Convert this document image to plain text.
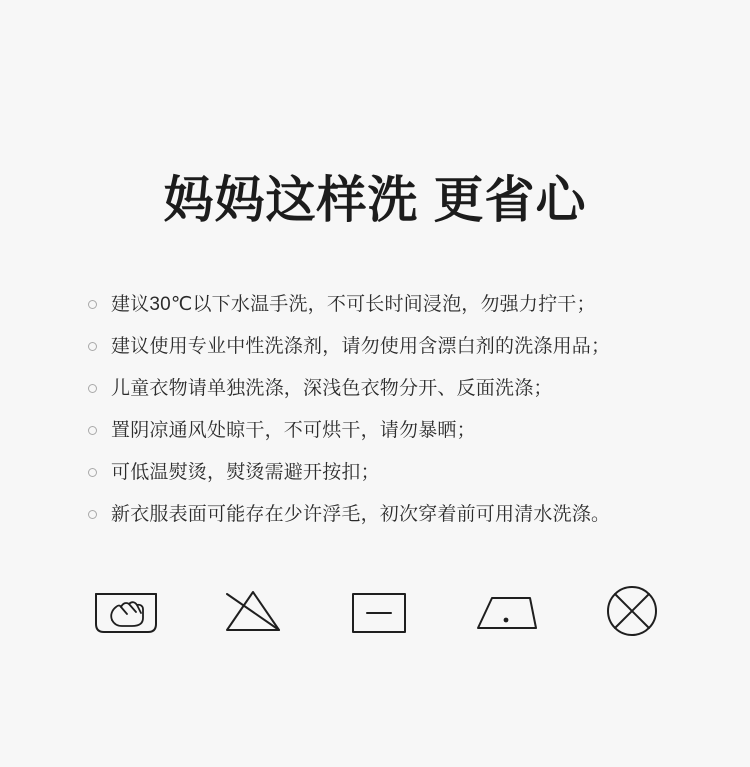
妈妈这样洗 更省心
建议30℃以下水温手洗，不可长时间浸泡，勿强力拧干；
建议使用专业中性洗涤剂，请勿使用含漂白剂的洗涤用品；
儿童衣物请单独洗涤，深浅色衣物分开、反面洗涤；
置阴凉通风处晾干，不可烘干，请勿暴晒；
可低温熨烫，熨烫需避开按扣；
新衣服表面可能存在少许浮毛，初次穿着前可用清水洗涤。
